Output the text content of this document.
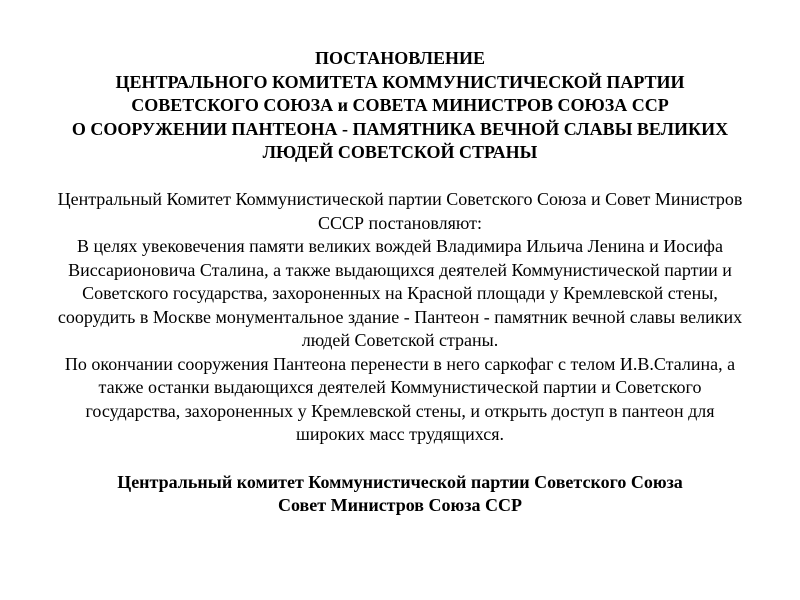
ПОСТАНОВЛЕНИЕ
ЦЕНТРАЛЬНОГО КОМИТЕТА КОММУНИСТИЧЕСКОЙ ПАРТИИ
СОВЕТСКОГО СОЮЗА и СОВЕТА МИНИСТРОВ СОЮЗА ССР
О СООРУЖЕНИИ ПАНТЕОНА - ПАМЯТНИКА ВЕЧНОЙ СЛАВЫ ВЕЛИКИХ
ЛЮДЕЙ СОВЕТСКОЙ СТРАНЫ
Центральный Комитет Коммунистической партии Советского Союза и Совет Министров
СССР постановляют:
В целях увековечения памяти великих вождей Владимира Ильича Ленина и Иосифа
Виссарионовича Сталина, а также выдающихся деятелей Коммунистической партии и
Советского государства, захороненных на Красной площади у Кремлевской стены,
соорудить в Москве монументальное здание - Пантеон - памятник вечной славы великих
людей Советской страны.
По окончании сооружения Пантеона перенести в него саркофаг с телом И.В.Сталина, а
также останки выдающихся деятелей Коммунистической партии и Советского
государства, захороненных у Кремлевской стены, и открыть доступ в пантеон для
широких масс трудящихся.
Центральный комитет Коммунистической партии Советского Союза
Совет Министров Союза ССР
